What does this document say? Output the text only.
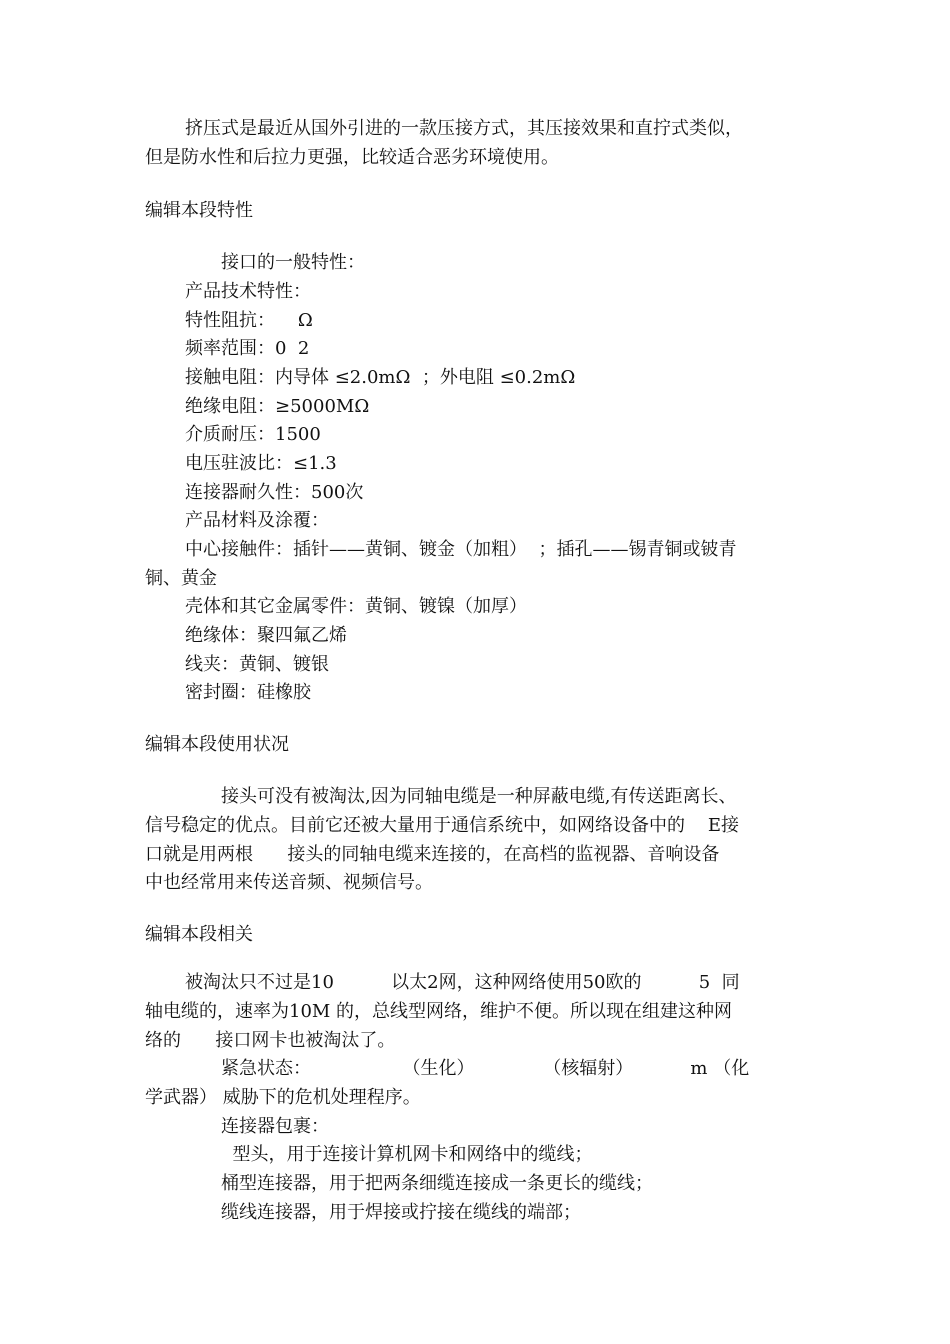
挤压式是最近从国外引进的一款压接方式，其压接效果和直拧式类似，
但是防水性和后拉力更强，比较适合恶劣环境使用。
编辑本段特性
接口的一般特性：
产品技术特性：
特性阻抗：    Ω
频率范围：0  2
接触电阻：内导体 ≤2.0mΩ  ；外电阻 ≤0.2mΩ
绝缘电阻：≥5000MΩ
介质耐压：1500
电压驻波比：≤1.3
连接器耐久性：500次
产品材料及涂覆：
中心接触件：插针——黄铜、镀金（加粗）  ；插孔——锡青铜或铍青
铜、黄金
壳体和其它金属零件：黄铜、镀镍（加厚）
绝缘体：聚四氟乙烯
线夹：黄铜、镀银
密封圈：硅橡胶
编辑本段使用状况
接头可没有被淘汰,因为同轴电缆是一种屏蔽电缆,有传送距离长、
信号稳定的优点。目前它还被大量用于通信系统中，如网络设备中的    E接
口就是用两根      接头的同轴电缆来连接的，在高档的监视器、音响设备
中也经常用来传送音频、视频信号。
编辑本段相关
被淘汰只不过是10          以太2网，这种网络使用50欧的          5  同
轴电缆的，速率为10M 的，总线型网络，维护不便。所以现在组建这种网
络的      接口网卡也被淘汰了。
紧急状态：                （生化）            （核辐射）          m （化
学武器） 威胁下的危机处理程序。
连接器包裹：
型头，用于连接计算机网卡和网络中的缆线；
桶型连接器，用于把两条细缆连接成一条更长的缆线；
缆线连接器，用于焊接或拧接在缆线的端部；
